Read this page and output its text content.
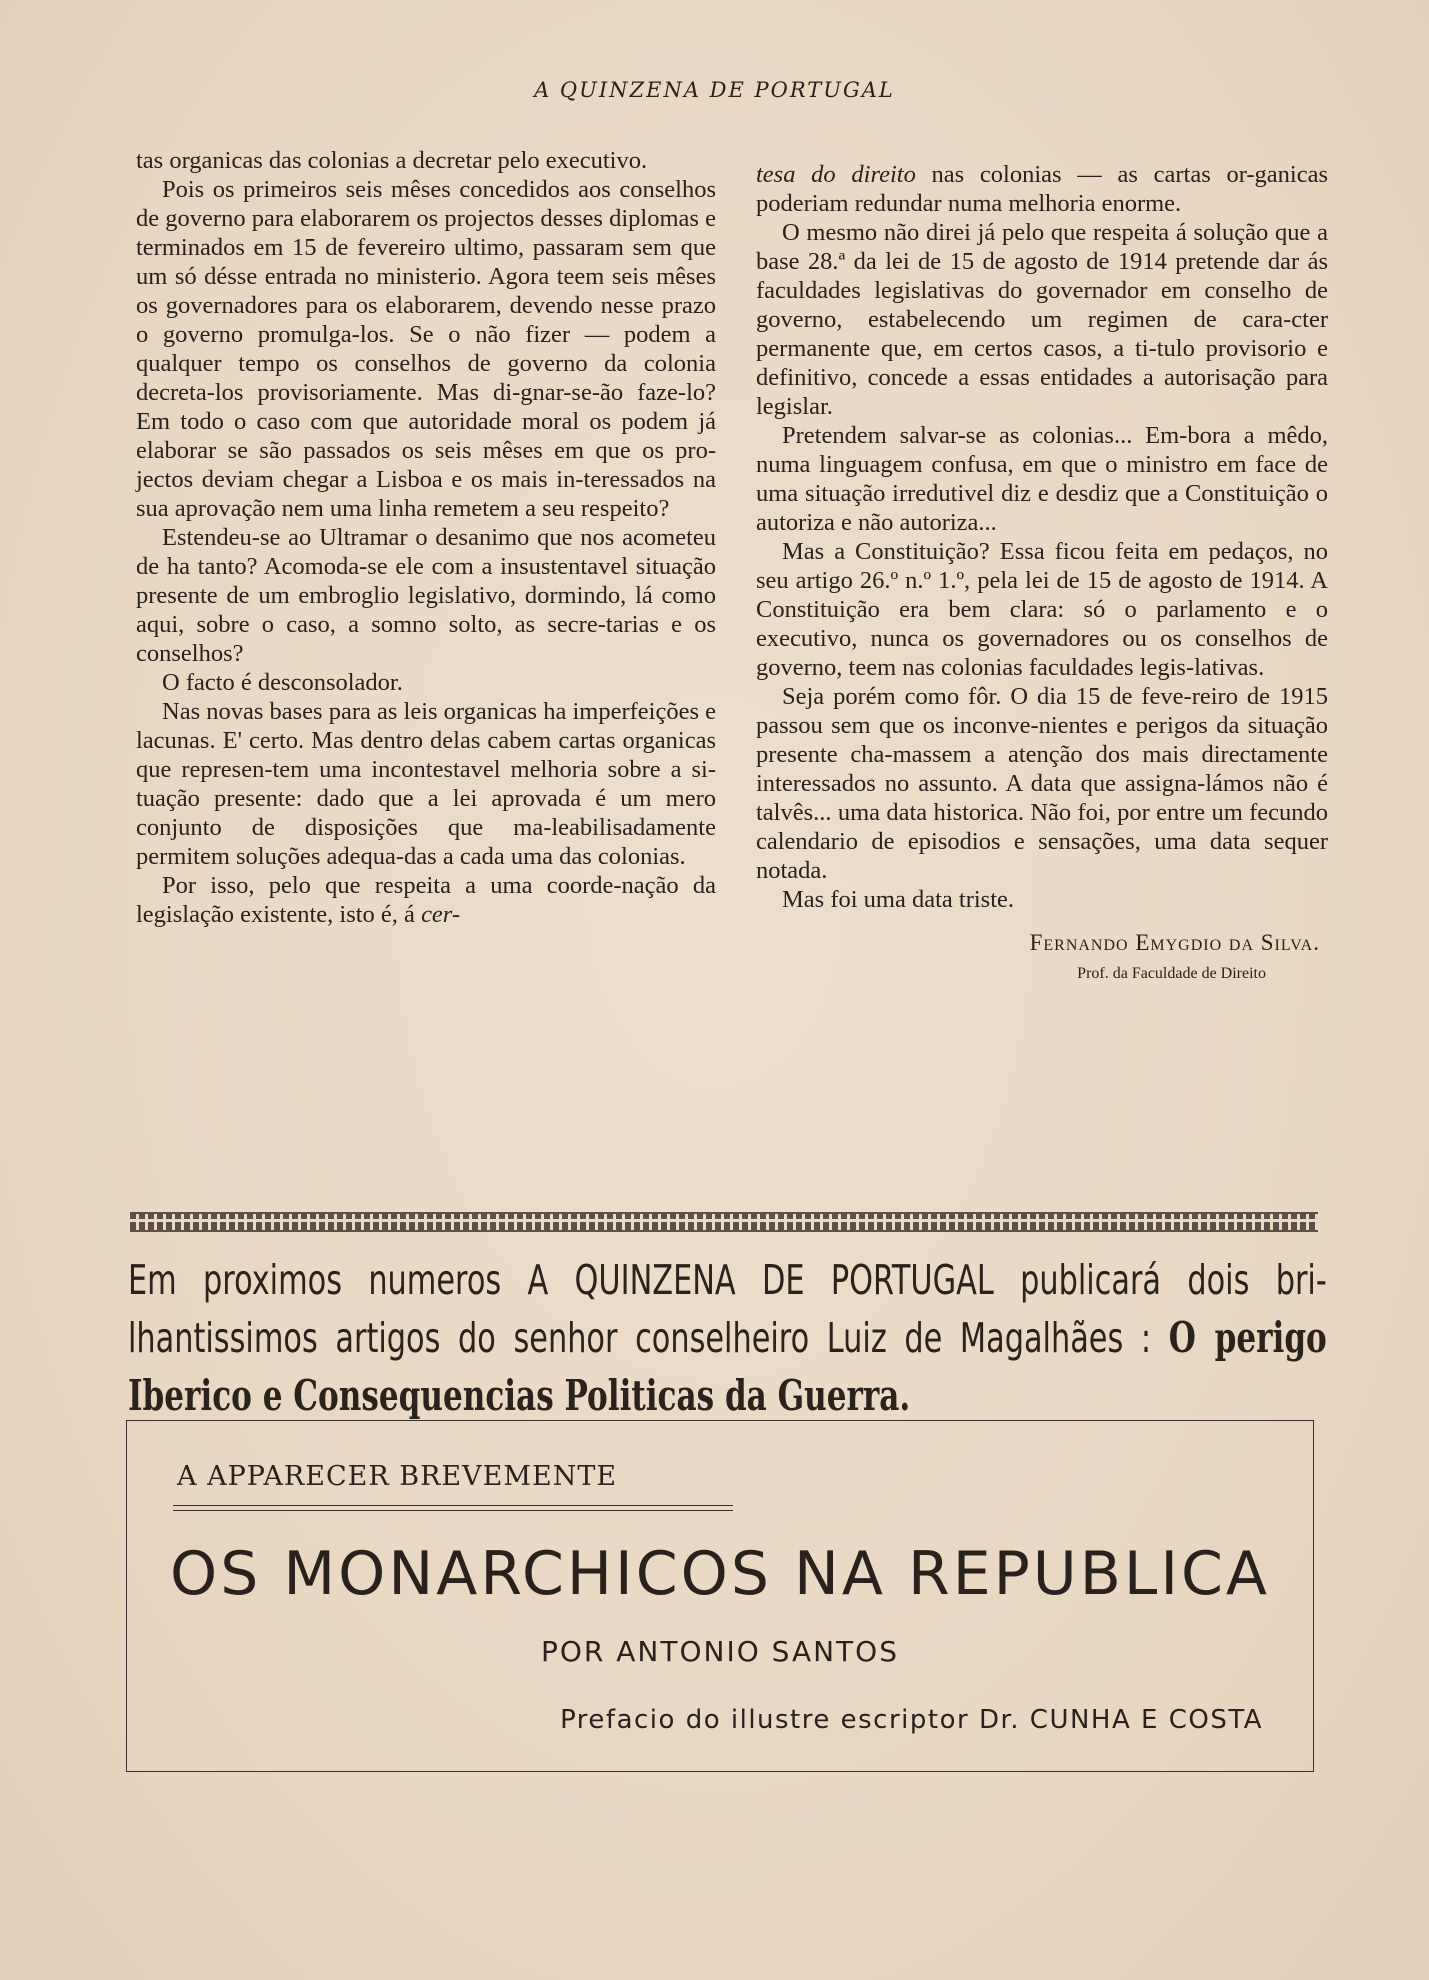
A QUINZENA DE PORTUGAL

tas organicas das colonias a decretar pelo executivo.

Pois os primeiros seis mêses concedidos aos conselhos de governo para elaborarem os projectos desses diplomas e terminados em 15 de fevereiro ultimo, passaram sem que um só désse entrada no ministerio. Agora teem seis mêses os governadores para os elaborarem, devendo nesse prazo o governo promulga-los. Se o não fizer — podem a qualquer tempo os conselhos de governo da colonia decreta-los provisoriamente. Mas di-gnar-se-ão faze-lo? Em todo o caso com que autoridade moral os podem já elaborar se são passados os seis mêses em que os pro-jectos deviam chegar a Lisboa e os mais in-teressados na sua aprovação nem uma linha remetem a seu respeito?

Estendeu-se ao Ultramar o desanimo que nos acometeu de ha tanto? Acomoda-se ele com a insustentavel situação presente de um embroglio legislativo, dormindo, lá como aqui, sobre o caso, a somno solto, as secre-tarias e os conselhos?

O facto é desconsolador.

Nas novas bases para as leis organicas ha imperfeições e lacunas. E' certo. Mas dentro delas cabem cartas organicas que represen-tem uma incontestavel melhoria sobre a si-tuação presente: dado que a lei aprovada é um mero conjunto de disposições que ma-leabilisadamente permitem soluções adequa-das a cada uma das colonias.

Por isso, pelo que respeita a uma coorde-nação da legislação existente, isto é, á cer-

tesa do direito nas colonias — as cartas or-ganicas poderiam redundar numa melhoria enorme.

O mesmo não direi já pelo que respeita á solução que a base 28.ª da lei de 15 de agosto de 1914 pretende dar ás faculdades legislativas do governador em conselho de governo, estabelecendo um regimen de cara-cter permanente que, em certos casos, a ti-tulo provisorio e definitivo, concede a essas entidades a autorisação para legislar.

Pretendem salvar-se as colonias... Em-bora a mêdo, numa linguagem confusa, em que o ministro em face de uma situação irredutivel diz e desdiz que a Constituição o autoriza e não autoriza...

Mas a Constituição? Essa ficou feita em pedaços, no seu artigo 26.º n.º 1.º, pela lei de 15 de agosto de 1914. A Constituição era bem clara: só o parlamento e o executivo, nunca os governadores ou os conselhos de governo, teem nas colonias faculdades legis-lativas.

Seja porém como fôr. O dia 15 de feve-reiro de 1915 passou sem que os inconve-nientes e perigos da situação presente cha-massem a atenção dos mais directamente interessados no assunto. A data que assigna-lámos não é talvês... uma data historica. Não foi, por entre um fecundo calendario de episodios e sensações, uma data sequer notada.

Mas foi uma data triste.

Fernando Emygdio da Silva.
Prof. da Faculdade de Direito
Em proximos numeros A QUINZENA DE PORTUGAL publicará dois bri-lhantissimos artigos do senhor conselheiro Luiz de Magalhães : O perigo Iberico e Consequencias Politicas da Guerra.
A APPARECER BREVEMENTE
OS MONARCHICOS NA REPUBLICA
POR ANTONIO SANTOS
Prefacio do illustre escriptor Dr. CUNHA E COSTA
